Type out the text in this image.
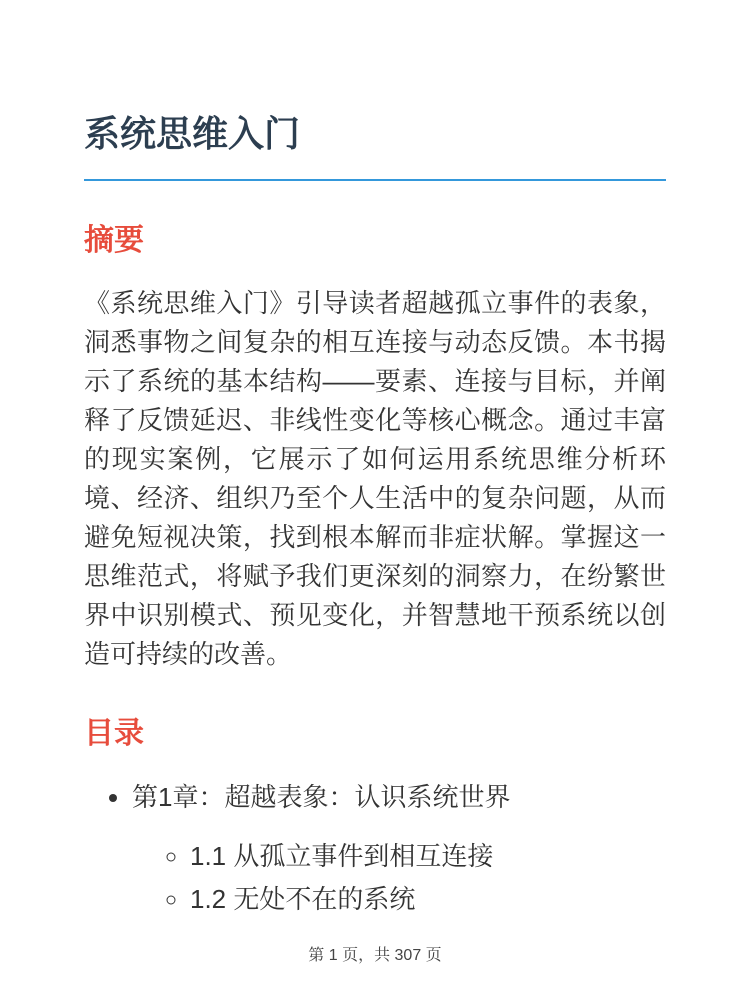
系统思维入门
摘要

《系统思维入门》引导读者超越孤立事件的表象，洞悉事物之间复杂的相互连接与动态反馈。本书揭示了系统的基本结构——要素、连接与目标，并阐释了反馈延迟、非线性变化等核心概念。通过丰富的现实案例，它展示了如何运用系统思维分析环境、经济、组织乃至个人生活中的复杂问题，从而避免短视决策，找到根本解而非症状解。掌握这一思维范式，将赋予我们更深刻的洞察力，在纷繁世界中识别模式、预见变化，并智慧地干预系统以创造可持续的改善。

目录
• 第1章：超越表象：认识系统世界
◦ 1.1 从孤立事件到相互连接
◦ 1.2 无处不在的系统
第 1 页，共 307 页
